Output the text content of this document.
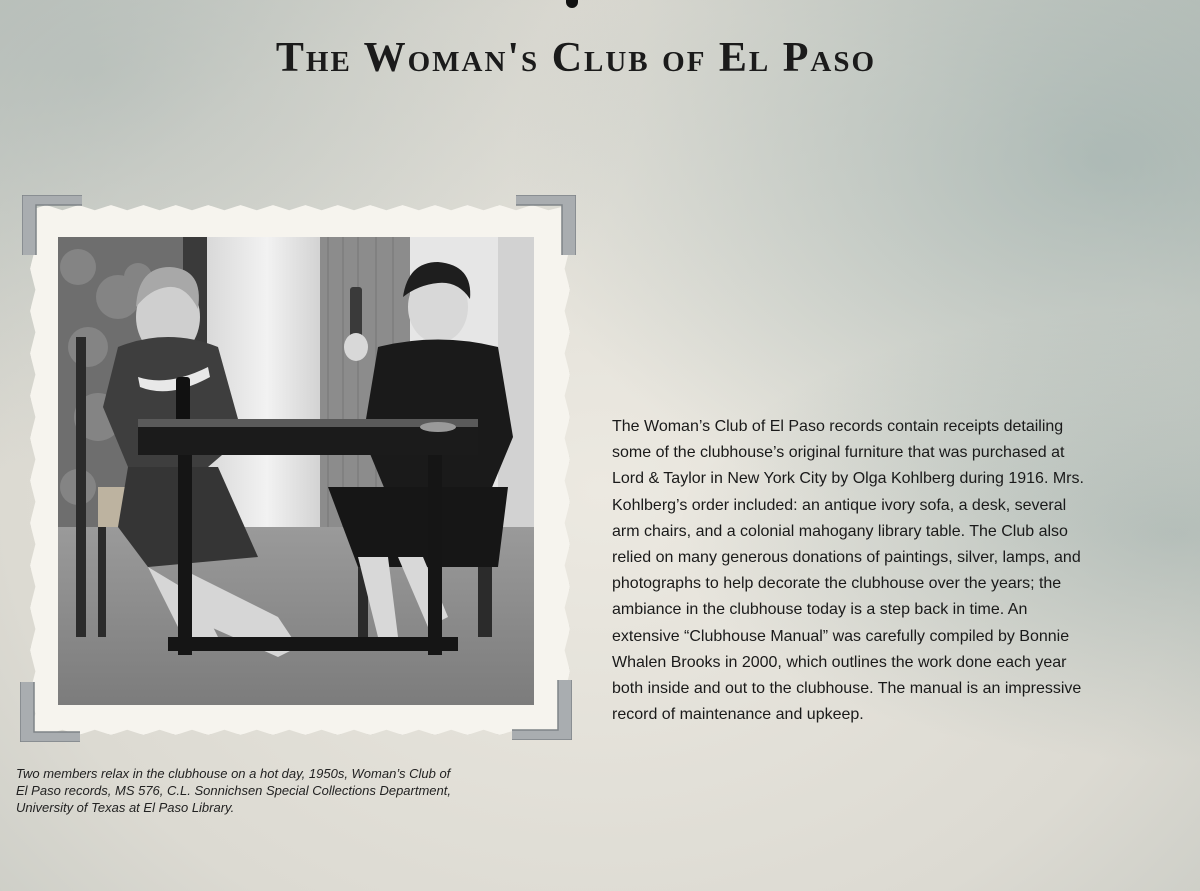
The Woman's Club of El Paso
Two members relax in the clubhouse on a hot day, 1950s, Woman’s Club of
El Paso records, MS 576, C.L. Sonnichsen Special Collections Department,
University of Texas at El Paso Library.
The Woman’s Club of El Paso records contain receipts detailing
some of the clubhouse’s original furniture that was purchased at
Lord & Taylor in New York City by Olga Kohlberg during 1916. Mrs.
Kohlberg’s order included: an antique ivory sofa, a desk, several
arm chairs, and a colonial mahogany library table. The Club also
relied on many generous donations of paintings, silver, lamps, and
photographs to help decorate the clubhouse over the years; the
ambiance in the clubhouse today is a step back in time. An
extensive “Clubhouse Manual” was carefully compiled by Bonnie
Whalen Brooks in 2000, which outlines the work done each year
both inside and out to the clubhouse. The manual is an impressive
record of maintenance and upkeep.
